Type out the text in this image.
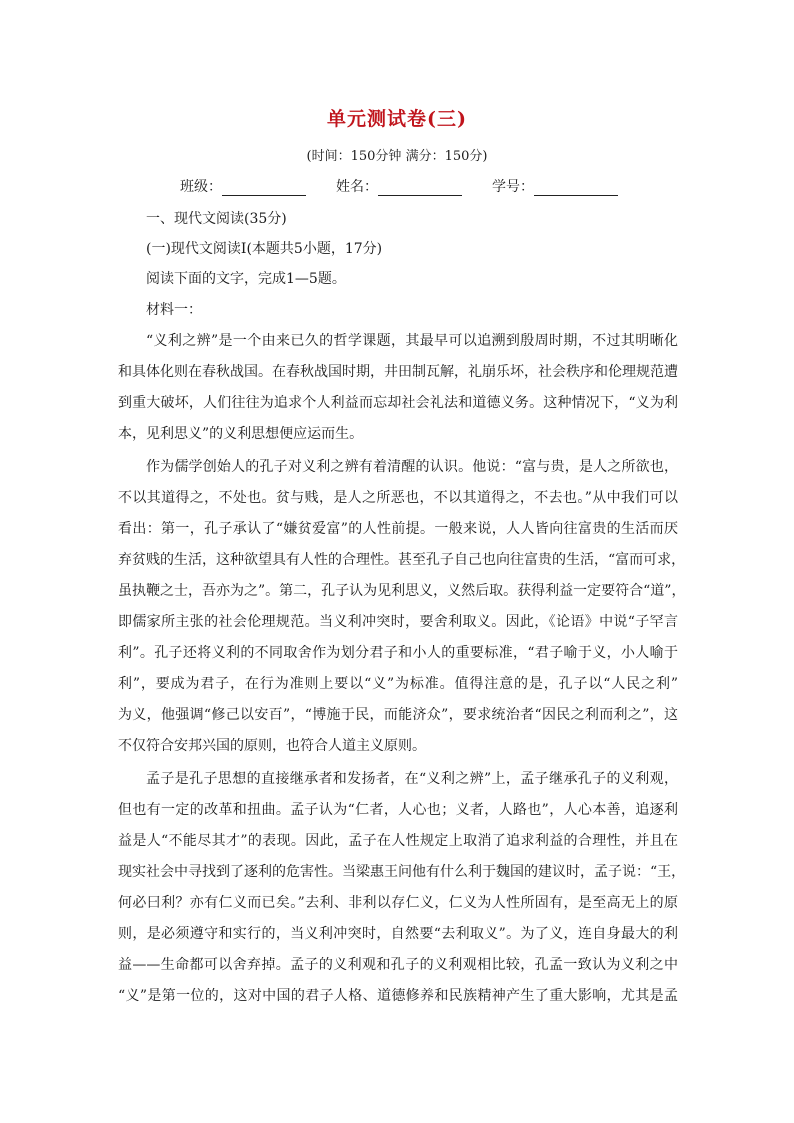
单元测试卷(三)
(时间：150分钟 满分：150分)
班级：	姓名：	学号：
一、现代文阅读(35分)
(一)现代文阅读Ⅰ(本题共5小题，17分)
阅读下面的文字，完成1—5题。
材料一：
“义利之辨”是一个由来已久的哲学课题，其最早可以追溯到殷周时期，不过其明晰化
和具体化则在春秋战国。在春秋战国时期，井田制瓦解，礼崩乐坏，社会秩序和伦理规范遭
到重大破坏，人们往往为追求个人利益而忘却社会礼法和道德义务。这种情况下，“义为利
本，见利思义”的义利思想便应运而生。
作为儒学创始人的孔子对义利之辨有着清醒的认识。他说：“富与贵，是人之所欲也，
不以其道得之，不处也。贫与贱，是人之所恶也，不以其道得之，不去也。”从中我们可以
看出：第一，孔子承认了“嫌贫爱富”的人性前提。一般来说，人人皆向往富贵的生活而厌
弃贫贱的生活，这种欲望具有人性的合理性。甚至孔子自己也向往富贵的生活，“富而可求，
虽执鞭之士，吾亦为之”。第二，孔子认为见利思义，义然后取。获得利益一定要符合“道”，
即儒家所主张的社会伦理规范。当义利冲突时，要舍利取义。因此，《论语》中说“子罕言
利”。孔子还将义利的不同取舍作为划分君子和小人的重要标准，“君子喻于义，小人喻于
利”，要成为君子，在行为准则上要以“义”为标准。值得注意的是，孔子以“人民之利”
为义，他强调“修己以安百”，“博施于民，而能济众”，要求统治者“因民之利而利之”，这
不仅符合安邦兴国的原则，也符合人道主义原则。
孟子是孔子思想的直接继承者和发扬者，在“义利之辨”上，孟子继承孔子的义利观，
但也有一定的改革和扭曲。孟子认为“仁者，人心也；义者，人路也”，人心本善，追逐利
益是人“不能尽其才”的表现。因此，孟子在人性规定上取消了追求利益的合理性，并且在
现实社会中寻找到了逐利的危害性。当梁惠王问他有什么利于魏国的建议时，孟子说：“王，
何必曰利？亦有仁义而已矣。”去利、非利以存仁义，仁义为人性所固有，是至高无上的原
则，是必须遵守和实行的，当义利冲突时，自然要“去利取义”。为了义，连自身最大的利
益——生命都可以舍弃掉。孟子的义利观和孔子的义利观相比较，孔孟一致认为义利之中
“义”是第一位的，这对中国的君子人格、道德修养和民族精神产生了重大影响，尤其是孟
